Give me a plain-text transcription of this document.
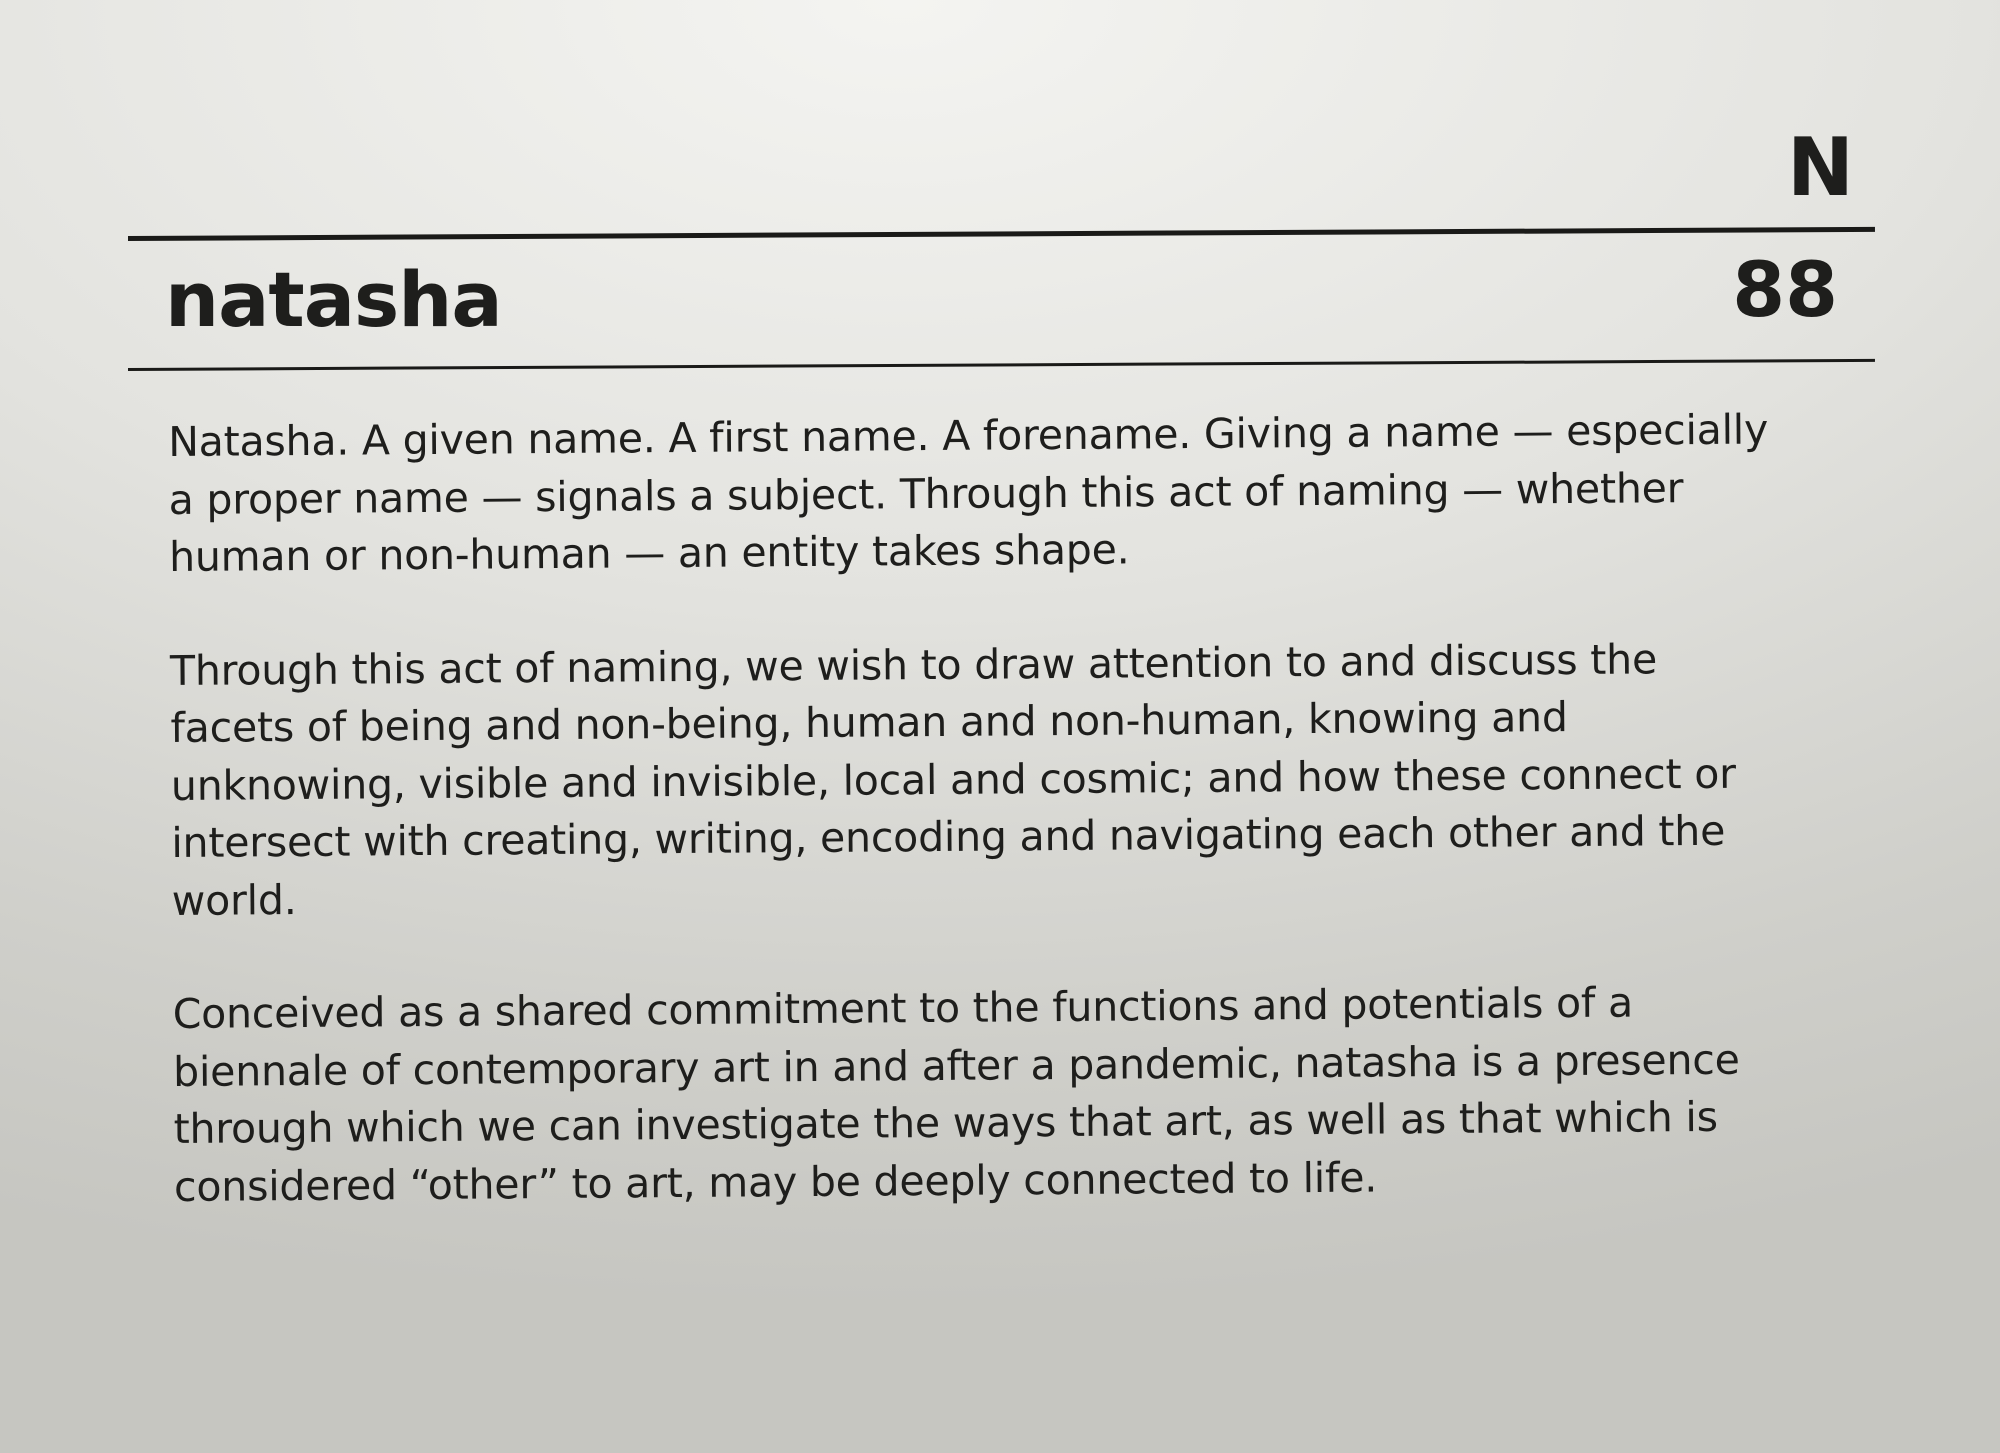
N
natasha	88

Natasha. A given name. A first name. A forename. Giving a name — especially
a proper name — signals a subject. Through this act of naming — whether
human or non-human — an entity takes shape.

Through this act of naming, we wish to draw attention to and discuss the
facets of being and non-being, human and non-human, knowing and
unknowing, visible and invisible, local and cosmic; and how these connect or
intersect with creating, writing, encoding and navigating each other and the
world.

Conceived as a shared commitment to the functions and potentials of a
biennale of contemporary art in and after a pandemic, natasha is a presence
through which we can investigate the ways that art, as well as that which is
considered “other” to art, may be deeply connected to life.
